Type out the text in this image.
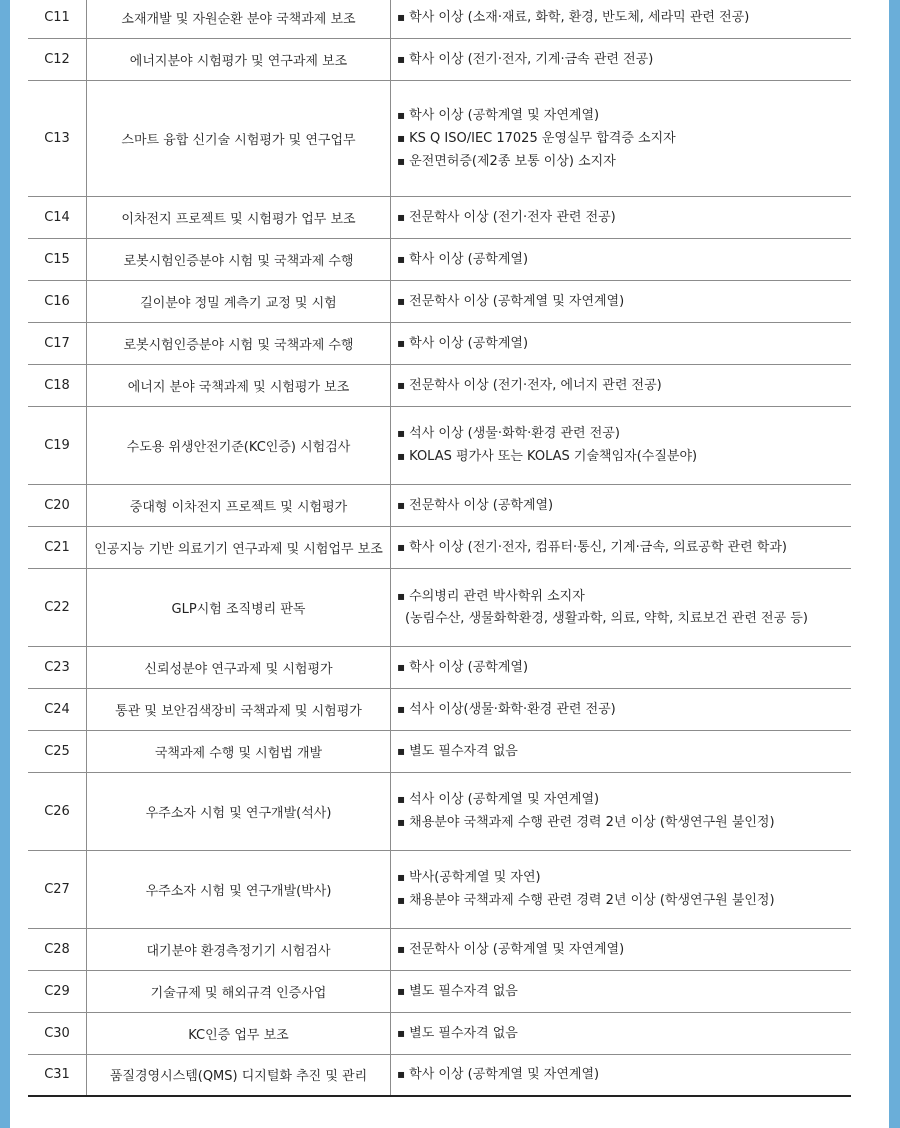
C11	소재개발 및 자원순환 분야 국책과제 보조	▪ 학사 이상 (소재·재료, 화학, 환경, 반도체, 세라믹 관련 전공)

C12	에너지분야 시험평가 및 연구과제 보조	▪ 학사 이상 (전기·전자, 기계·금속 관련 전공)

C13	스마트 융합 신기술 시험평가 및 연구업무	▪ 학사 이상 (공학계열 및 자연계열)
▪ KS Q ISO/IEC 17025 운영실무 합격증 소지자
▪ 운전면허증(제2종 보통 이상) 소지자

C14	이차전지 프로젝트 및 시험평가 업무 보조	▪ 전문학사 이상 (전기·전자 관련 전공)

C15	로봇시험인증분야 시험 및 국책과제 수행	▪ 학사 이상 (공학계열)

C16	길이분야 정밀 계측기 교정 및 시험	▪ 전문학사 이상 (공학계열 및 자연계열)

C17	로봇시험인증분야 시험 및 국책과제 수행	▪ 학사 이상 (공학계열)

C18	에너지 분야 국책과제 및 시험평가 보조	▪ 전문학사 이상 (전기·전자, 에너지 관련 전공)

C19	수도용 위생안전기준(KC인증) 시험검사	▪ 석사 이상 (생물·화학·환경 관련 전공)
▪ KOLAS 평가사 또는 KOLAS 기술책임자(수질분야)

C20	중대형 이차전지 프로젝트 및 시험평가	▪ 전문학사 이상 (공학계열)

C21	인공지능 기반 의료기기 연구과제 및 시험업무 보조	▪ 학사 이상 (전기·전자, 컴퓨터·통신, 기계·금속, 의료공학 관련 학과)

C22	GLP시험 조직병리 판독	▪ 수의병리 관련 박사학위 소지자
(농림수산, 생물화학환경, 생활과학, 의료, 약학, 치료보건 관련 전공 등)

C23	신뢰성분야 연구과제 및 시험평가	▪ 학사 이상 (공학계열)

C24	통관 및 보안검색장비 국책과제 및 시험평가	▪ 석사 이상(생물·화학·환경 관련 전공)

C25	국책과제 수행 및 시험법 개발	▪ 별도 필수자격 없음

C26	우주소자 시험 및 연구개발(석사)	▪ 석사 이상 (공학계열 및 자연계열)
▪ 채용분야 국책과제 수행 관련 경력 2년 이상 (학생연구원 불인정)

C27	우주소자 시험 및 연구개발(박사)	▪ 박사(공학계열 및 자연)
▪ 채용분야 국책과제 수행 관련 경력 2년 이상 (학생연구원 불인정)

C28	대기분야 환경측정기기 시험검사	▪ 전문학사 이상 (공학계열 및 자연계열)

C29	기술규제 및 해외규격 인증사업	▪ 별도 필수자격 없음

C30	KC인증 업무 보조	▪ 별도 필수자격 없음

C31	품질경영시스템(QMS) 디지털화 추진 및 관리	▪ 학사 이상 (공학계열 및 자연계열)
